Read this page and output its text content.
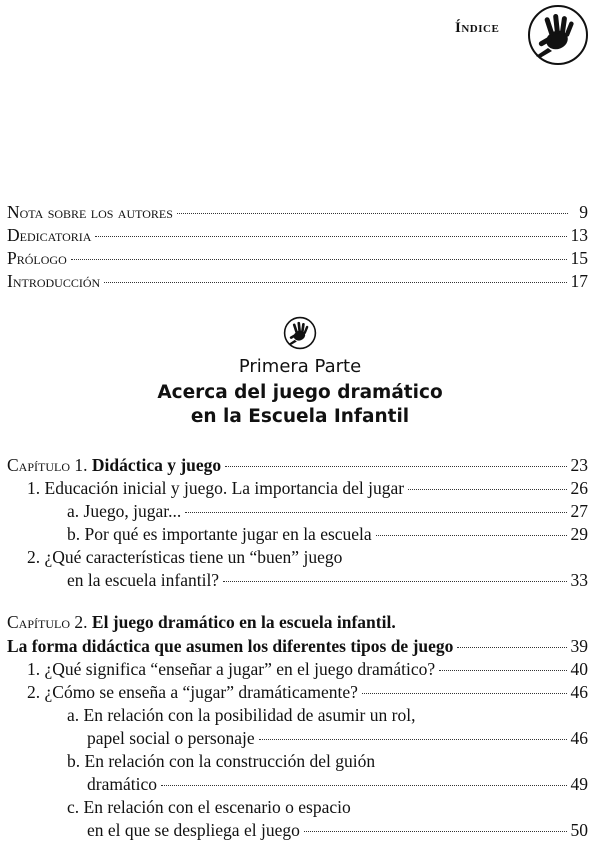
Índice
Nota sobre los autores	9
Dedicatoria	13
Prólogo	15
Introducción	17
Primera Parte
Acerca del juego dramático
en la Escuela Infantil
Capítulo 1. Didáctica y juego	23
1. Educación inicial y juego. La importancia del jugar	26
a. Juego, jugar...	27
b. Por qué es importante jugar en la escuela	29
2. ¿Qué características tiene un “buen” juego
en la escuela infantil?	33
Capítulo 2. El juego dramático en la escuela infantil.
La forma didáctica que asumen los diferentes tipos de juego	39
1. ¿Qué significa “enseñar a jugar” en el juego dramático?	40
2. ¿Cómo se enseña a “jugar” dramáticamente?	46
a. En relación con la posibilidad de asumir un rol,
papel social o personaje	46
b. En relación con la construcción del guión
dramático	49
c. En relación con el escenario o espacio
en el que se despliega el juego	50
